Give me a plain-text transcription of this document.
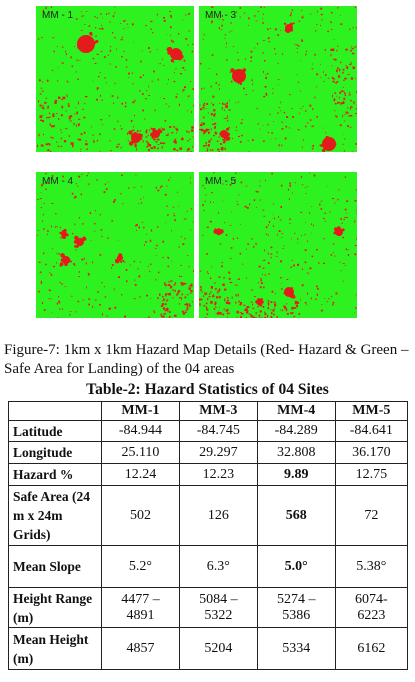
MM - 1	MM - 3
MM - 4	MM - 5
Figure-7: 1km x 1km Hazard Map Details (Red- Hazard & Green – Safe Area for Landing) of the 04 areas
Table-2: Hazard Statistics of 04 Sites
	MM-1	MM-3	MM-4	MM-5
Latitude	-84.944	-84.745	-84.289	-84.641
Longitude	25.110	29.297	32.808	36.170
Hazard %	12.24	12.23	9.89	12.75
Safe Area (24 m x 24m Grids)	502	126	568	72
Mean Slope	5.2°	6.3°	5.0°	5.38°
Height Range (m)	4477 – 4891	5084 – 5322	5274 – 5386	6074- 6223
Mean Height (m)	4857	5204	5334	6162
